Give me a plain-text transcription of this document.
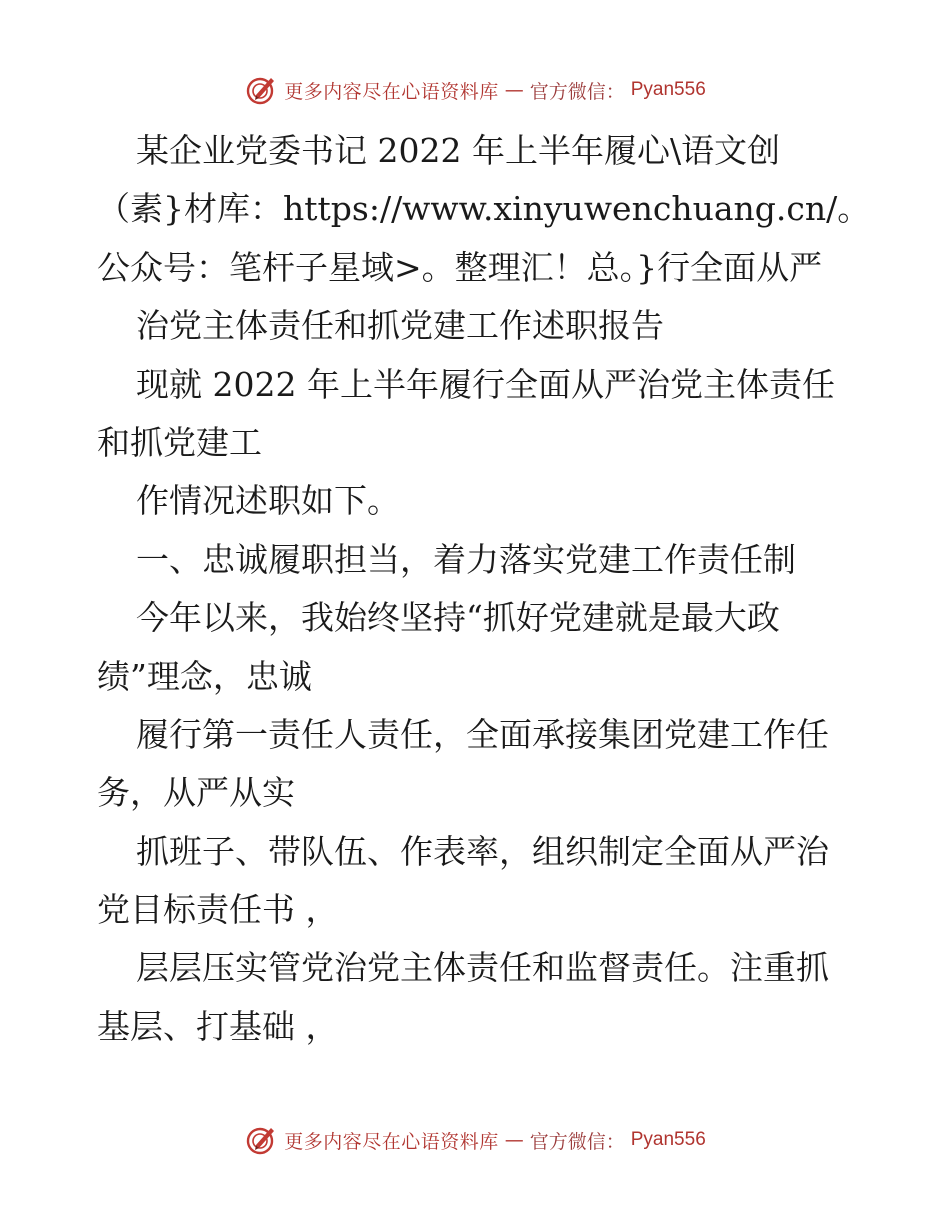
更多内容尽在心语资料库 — 官方微信： Pyan556
某企业党委书记 2022 年上半年履心\语文创
（素}材库：https://www.xinyuwenchuang.cn/。
公众号：笔杆子星域>。整理汇！总。}行全面从严
治党主体责任和抓党建工作述职报告
现就 2022 年上半年履行全面从严治党主体责任
和抓党建工
作情况述职如下。
一、忠诚履职担当，着力落实党建工作责任制
今年以来，我始终坚持“抓好党建就是最大政
绩”理念，忠诚
履行第一责任人责任，全面承接集团党建工作任
务，从严从实
抓班子、带队伍、作表率，组织制定全面从严治
党目标责任书 ，
层层压实管党治党主体责任和监督责任。注重抓
基层、打基础 ，
更多内容尽在心语资料库 — 官方微信： Pyan556
